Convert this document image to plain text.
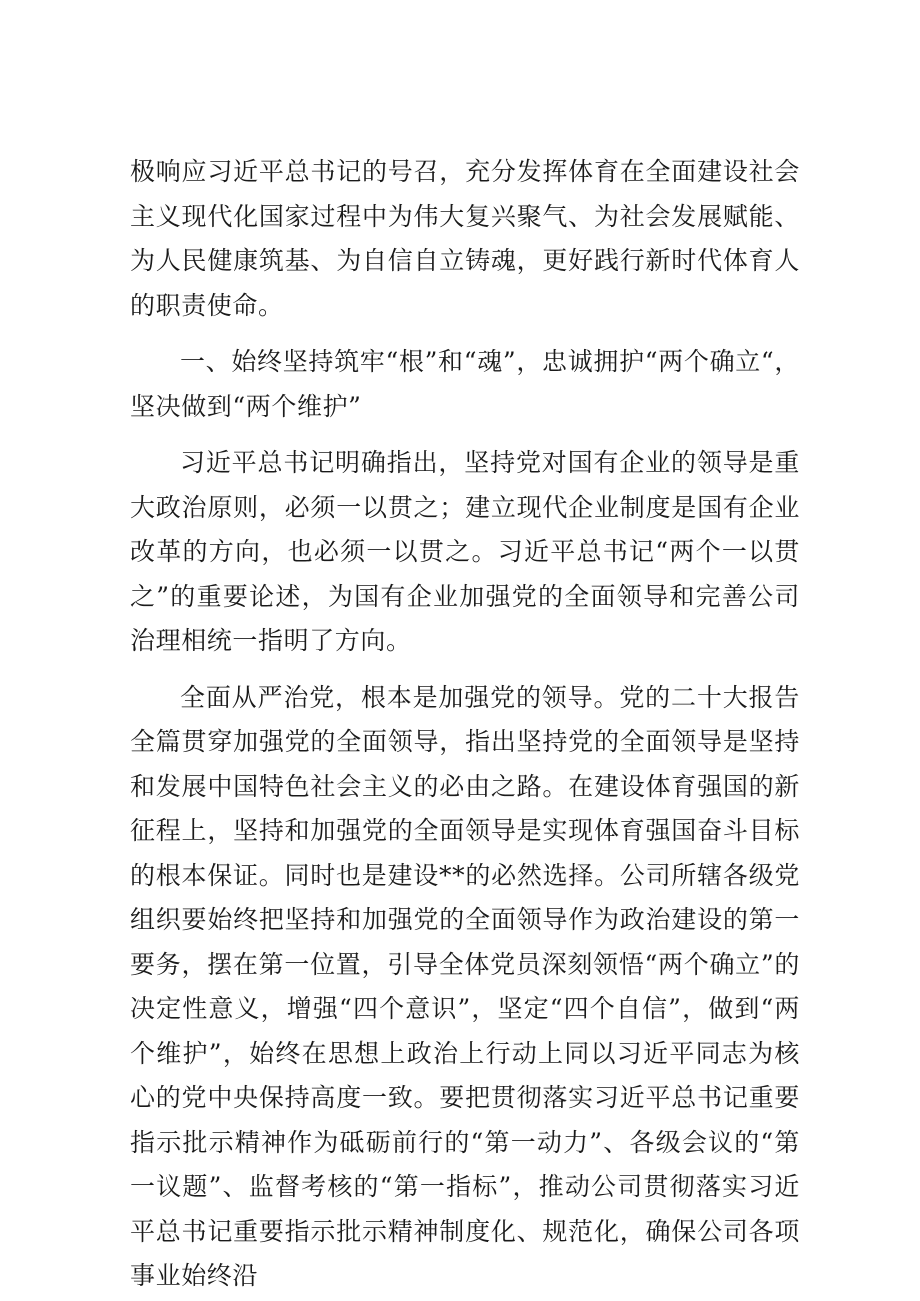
极响应习近平总书记的号召，充分发挥体育在全面建设社会主义现代化国家过程中为伟大复兴聚气、为社会发展赋能、为人民健康筑基、为自信自立铸魂，更好践行新时代体育人的职责使命。

一、始终坚持筑牢“根”和“魂”，忠诚拥护“两个确立“，坚决做到“两个维护”

习近平总书记明确指出，坚持党对国有企业的领导是重大政治原则，必须一以贯之；建立现代企业制度是国有企业改革的方向，也必须一以贯之。习近平总书记“两个一以贯之”的重要论述，为国有企业加强党的全面领导和完善公司治理相统一指明了方向。

全面从严治党，根本是加强党的领导。党的二十大报告全篇贯穿加强党的全面领导，指出坚持党的全面领导是坚持和发展中国特色社会主义的必由之路。在建设体育强国的新征程上，坚持和加强党的全面领导是实现体育强国奋斗目标的根本保证。同时也是建设**的必然选择。公司所辖各级党组织要始终把坚持和加强党的全面领导作为政治建设的第一要务，摆在第一位置，引导全体党员深刻领悟“两个确立”的决定性意义，增强“四个意识”，坚定“四个自信”，做到“两个维护”，始终在思想上政治上行动上同以习近平同志为核心的党中央保持高度一致。要把贯彻落实习近平总书记重要指示批示精神作为砥砺前行的“第一动力”、各级会议的“第一议题”、监督考核的“第一指标”，推动公司贯彻落实习近平总书记重要指示批示精神制度化、规范化，确保公司各项事业始终沿
